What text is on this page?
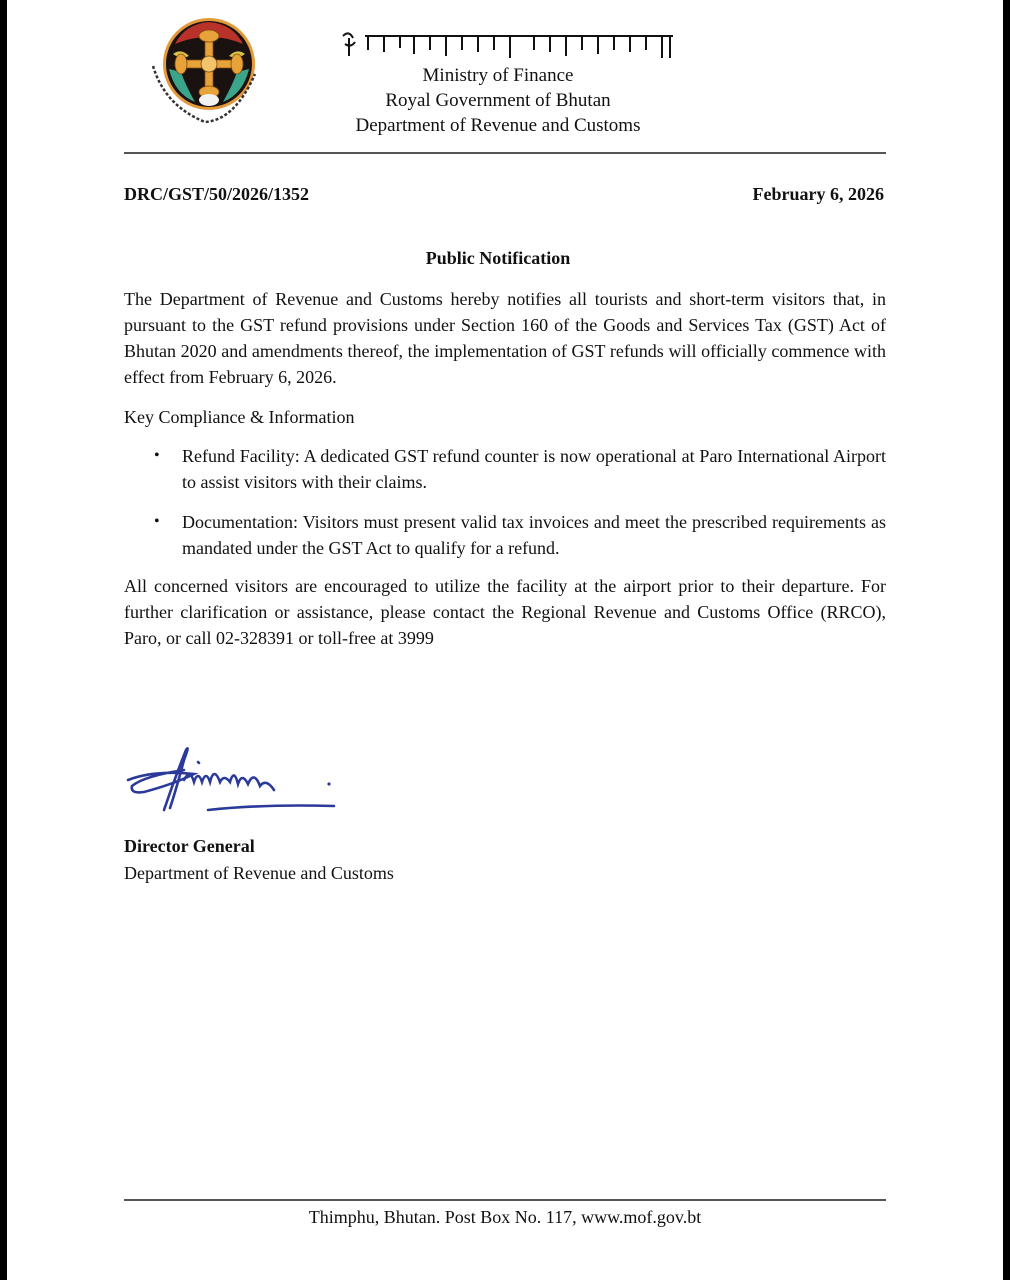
Ministry of Finance
Royal Government of Bhutan
Department of Revenue and Customs
DRC/GST/50/2026/1352	February 6, 2026
Public Notification
The Department of Revenue and Customs hereby notifies all tourists and short-term visitors that, in pursuant to the GST refund provisions under Section 160 of the Goods and Services Tax (GST) Act of Bhutan 2020 and amendments thereof, the implementation of GST refunds will officially commence with effect from February 6, 2026.
Key Compliance & Information
• Refund Facility: A dedicated GST refund counter is now operational at Paro International Airport to assist visitors with their claims.
• Documentation: Visitors must present valid tax invoices and meet the prescribed requirements as mandated under the GST Act to qualify for a refund.
All concerned visitors are encouraged to utilize the facility at the airport prior to their departure. For further clarification or assistance, please contact the Regional Revenue and Customs Office (RRCO), Paro, or call 02-328391 or toll-free at 3999
Director General
Department of Revenue and Customs
Thimphu, Bhutan. Post Box No. 117, www.mof.gov.bt
